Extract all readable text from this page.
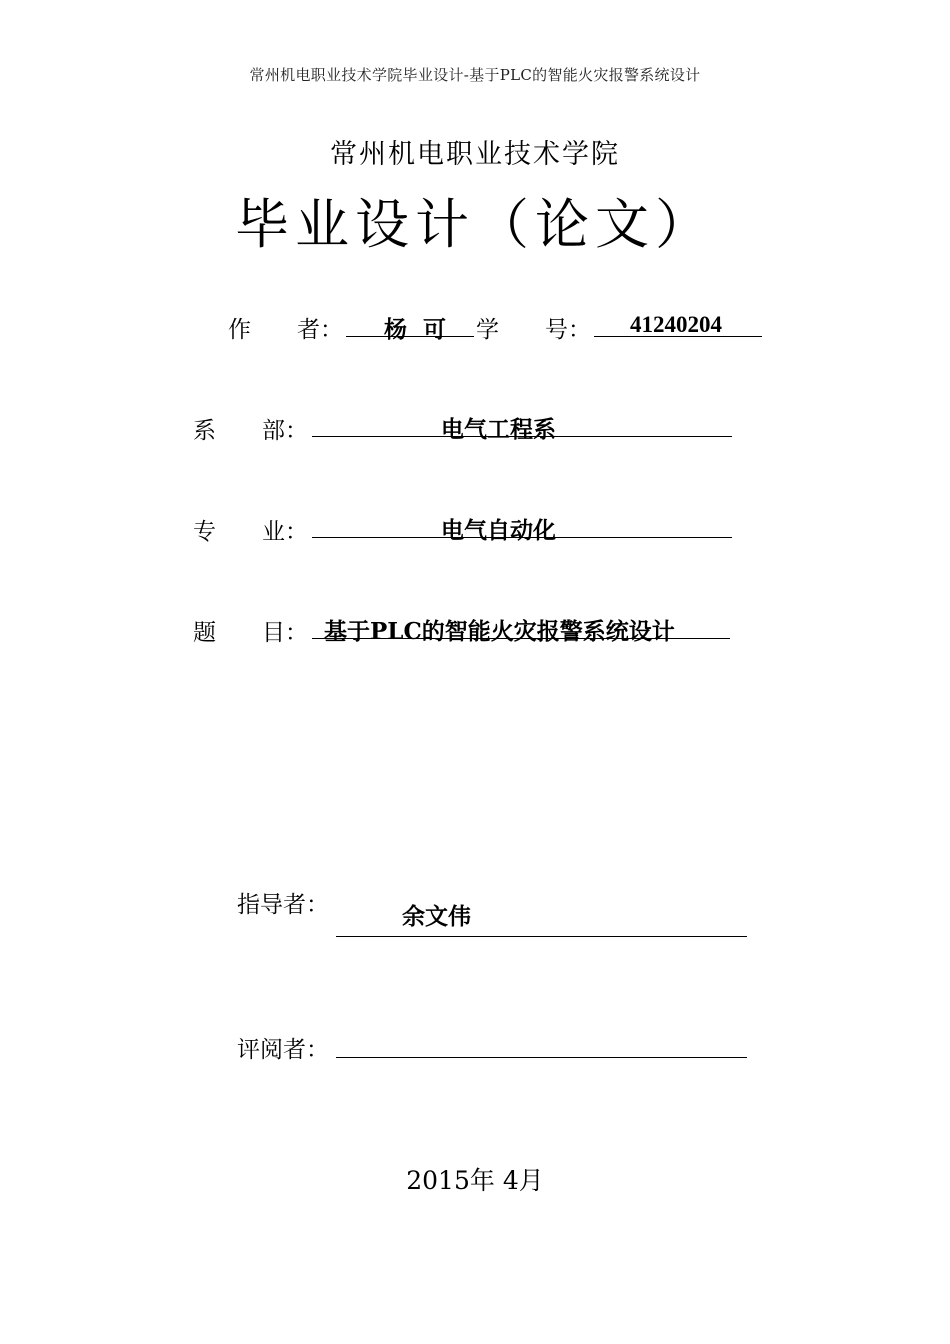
常州机电职业技术学院毕业设计-基于PLC的智能火灾报警系统设计
常州机电职业技术学院
毕业设计（论文）
作　　者： 杨 可 学　　号： 41240204
系　　部：	电气工程系
专　　业：	电气自动化
题　　目： 基于PLC的智能火灾报警系统设计
指导者：	余文伟
评阅者：
2015年 4月
